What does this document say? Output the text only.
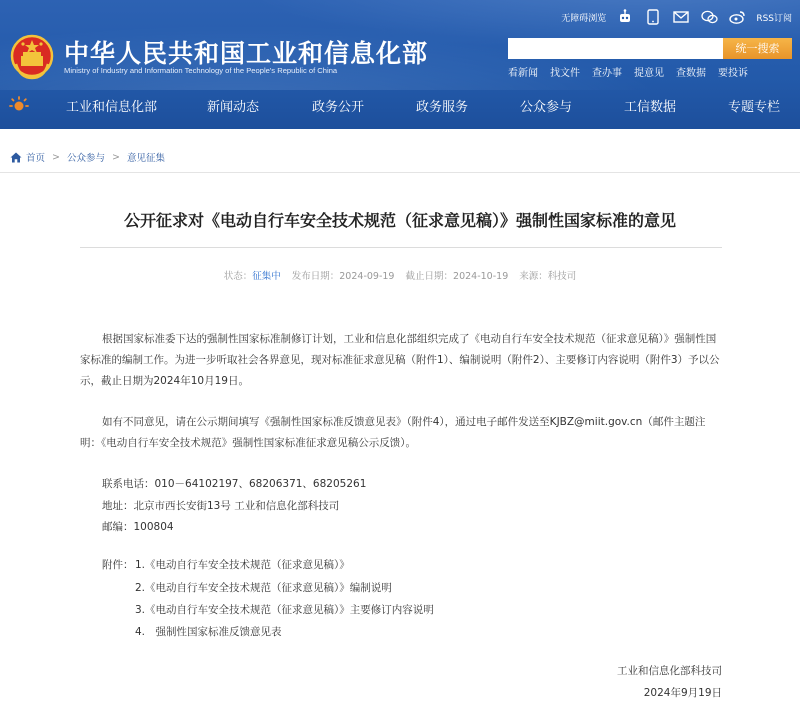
中华人民共和国工业和信息化部
Ministry of Industry and Information Technology of the People's Republic of China
无障碍浏览	RSS订阅
统一搜索
看新闻 找文件 查办事 提意见 查数据 要投诉
工业和信息化部	新闻动态	政务公开	政务服务	公众参与	工信数据	专题专栏
首页 > 公众参与 > 意见征集
公开征求对《电动自行车安全技术规范（征求意见稿）》强制性国家标准的意见
状态：征集中 发布日期：2024-09-19 截止日期：2024-10-19 来源：科技司
根据国家标准委下达的强制性国家标准制修订计划，工业和信息化部组织完成了《电动自行车安全技术规范（征求意见稿）》强制性国家标准的编制工作。为进一步听取社会各界意见，现对标准征求意见稿（附件1）、编制说明（附件2）、主要修订内容说明（附件3）予以公示，截止日期为2024年10月19日。
如有不同意见，请在公示期间填写《强制性国家标准反馈意见表》（附件4），通过电子邮件发送至KJBZ@miit.gov.cn（邮件主题注明：《电动自行车安全技术规范》强制性国家标准征求意见稿公示反馈）。
联系电话：010－64102197、68206371、68205261
地址：北京市西长安街13号 工业和信息化部科技司
邮编：100804
附件： 1.《电动自行车安全技术规范（征求意见稿）》
2.《电动自行车安全技术规范（征求意见稿）》编制说明
3.《电动自行车安全技术规范（征求意见稿）》主要修订内容说明
4.　强制性国家标准反馈意见表
工业和信息化部科技司
2024年9月19日
